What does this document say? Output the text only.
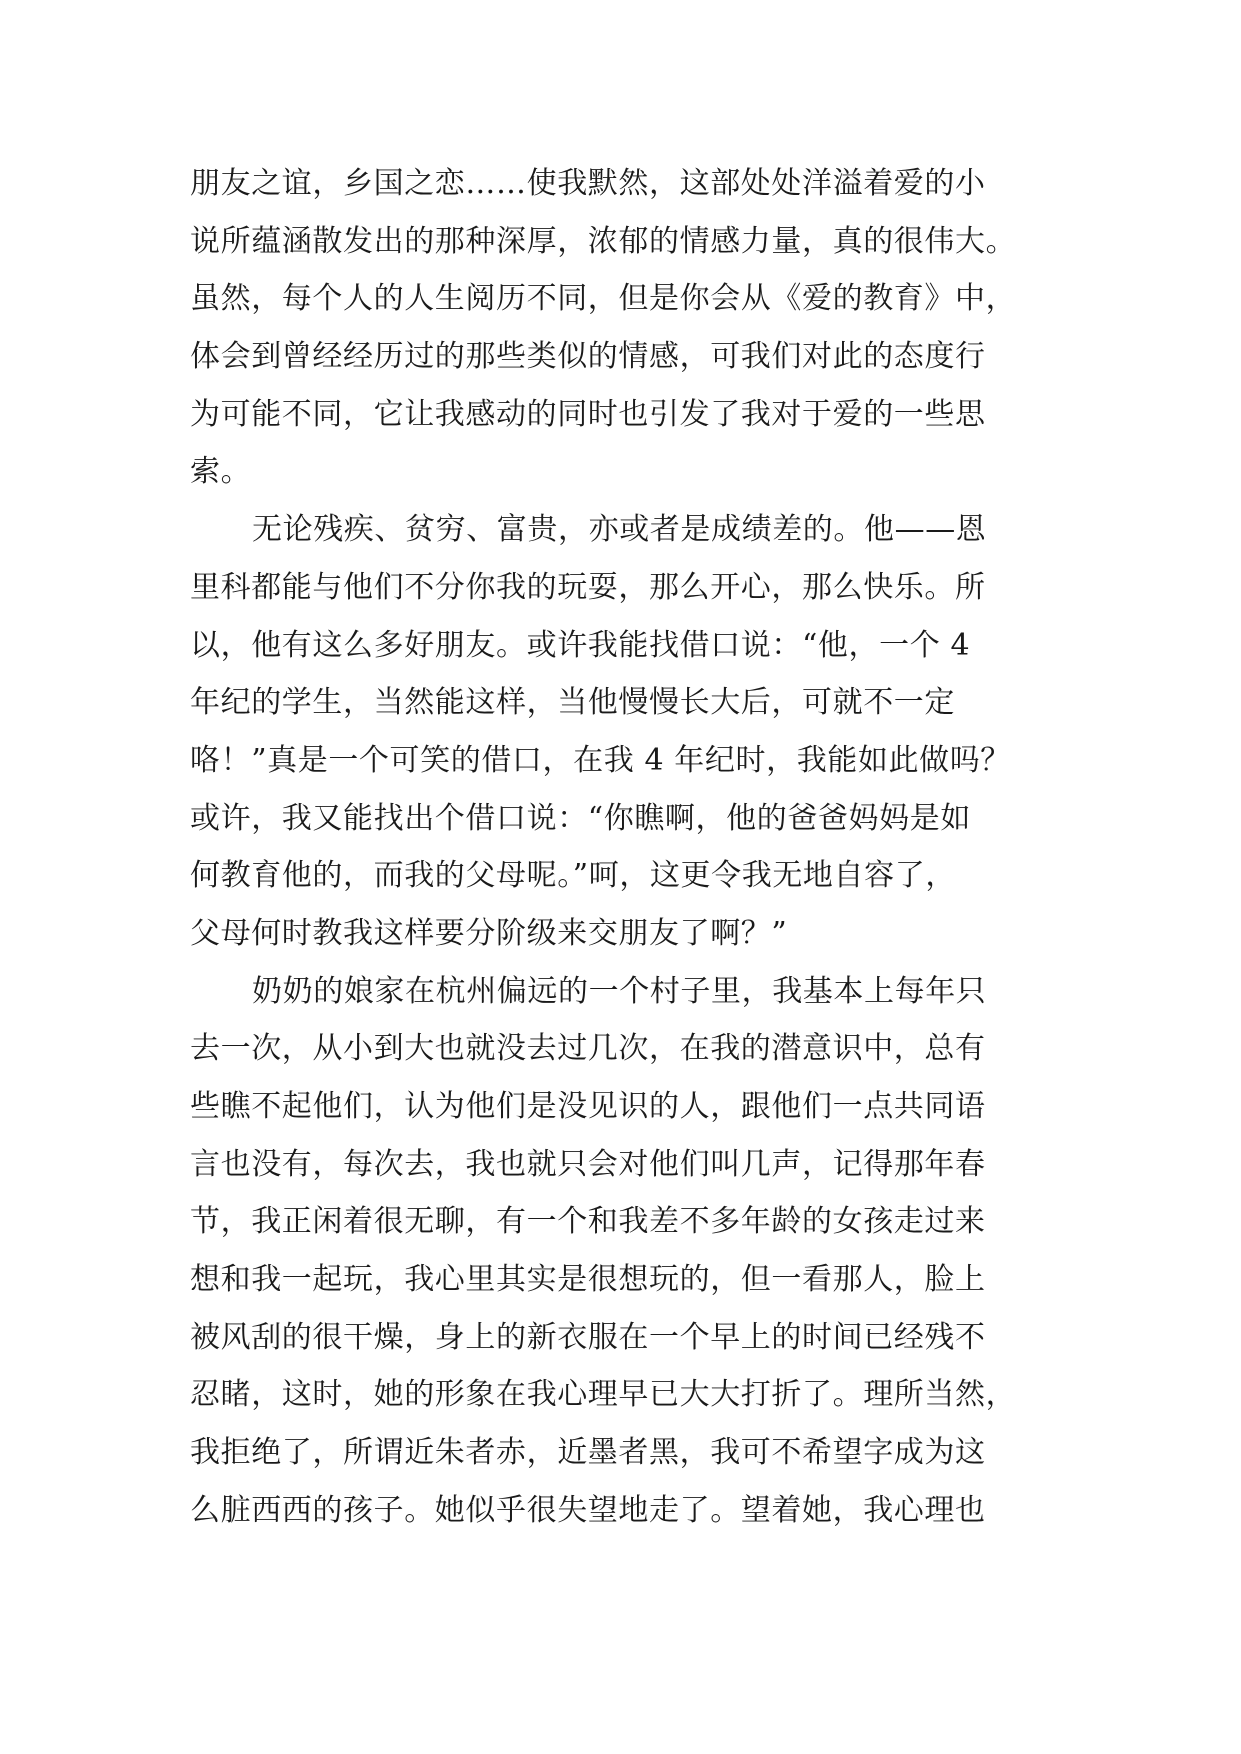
朋友之谊，乡国之恋……使我默然，这部处处洋溢着爱的小
说所蕴涵散发出的那种深厚，浓郁的情感力量，真的很伟大。
虽然，每个人的人生阅历不同，但是你会从《爱的教育》中，
体会到曾经经历过的那些类似的情感，可我们对此的态度行
为可能不同，它让我感动的同时也引发了我对于爱的一些思
索。
无论残疾、贫穷、富贵，亦或者是成绩差的。他——恩
里科都能与他们不分你我的玩耍，那么开心，那么快乐。所
以，他有这么多好朋友。或许我能找借口说：“他，一个 4
年纪的学生，当然能这样，当他慢慢长大后，可就不一定
咯！”真是一个可笑的借口，在我 4 年纪时，我能如此做吗？
或许，我又能找出个借口说：“你瞧啊，他的爸爸妈妈是如
何教育他的，而我的父母呢。”呵，这更令我无地自容了，
父母何时教我这样要分阶级来交朋友了啊？”
奶奶的娘家在杭州偏远的一个村子里，我基本上每年只
去一次，从小到大也就没去过几次，在我的潜意识中，总有
些瞧不起他们，认为他们是没见识的人，跟他们一点共同语
言也没有，每次去，我也就只会对他们叫几声，记得那年春
节，我正闲着很无聊，有一个和我差不多年龄的女孩走过来
想和我一起玩，我心里其实是很想玩的，但一看那人，脸上
被风刮的很干燥，身上的新衣服在一个早上的时间已经残不
忍睹，这时，她的形象在我心理早已大大打折了。理所当然，
我拒绝了，所谓近朱者赤，近墨者黑，我可不希望字成为这
么脏西西的孩子。她似乎很失望地走了。望着她，我心理也
